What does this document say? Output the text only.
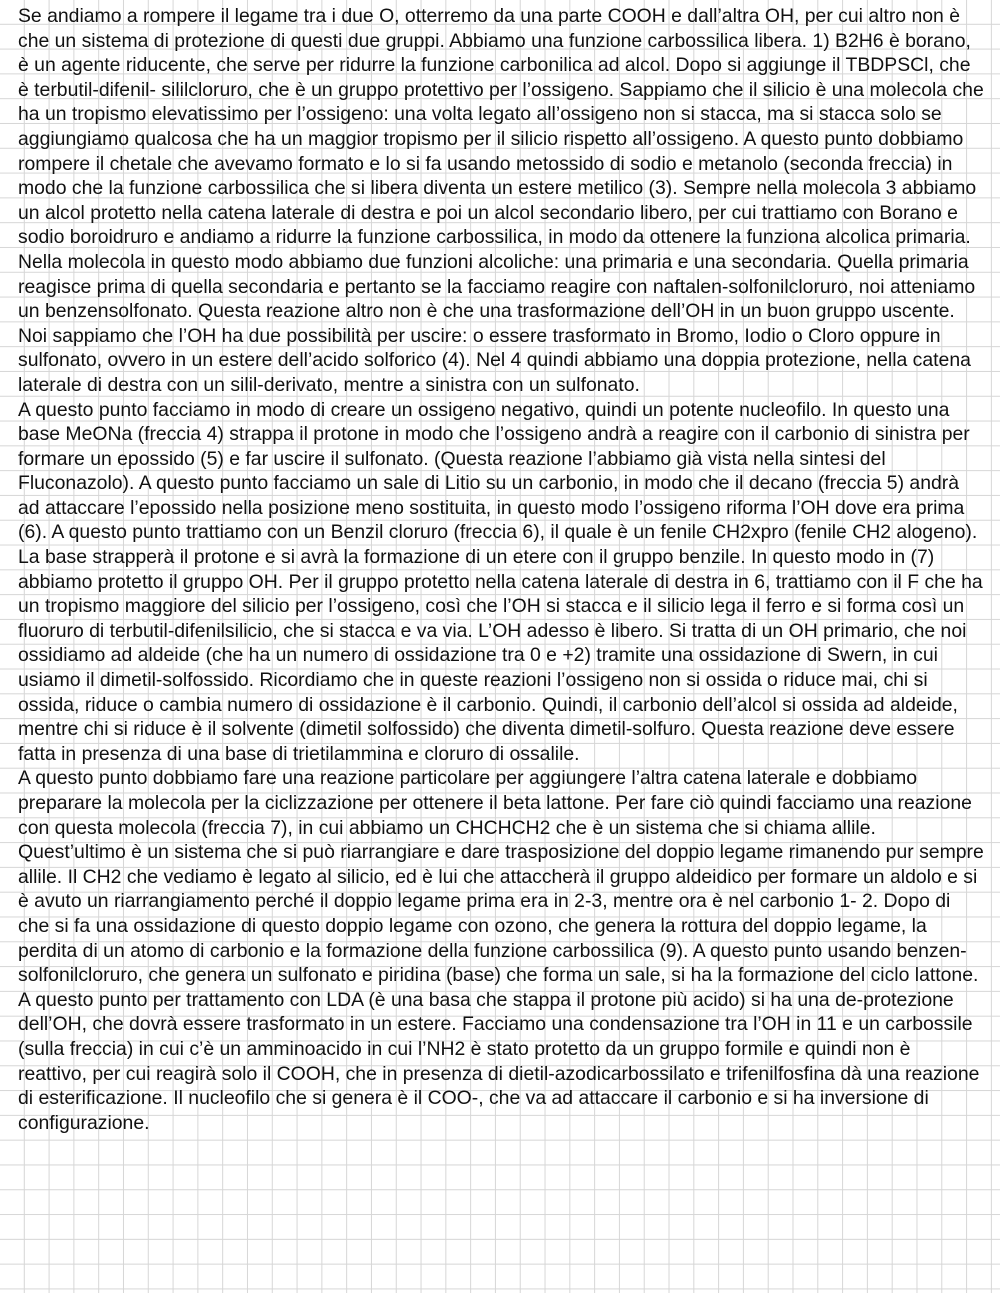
Se andiamo a rompere il legame tra i due O, otterremo da una parte COOH e dall’altra OH, per cui altro non è che un sistema di protezione di questi due gruppi. Abbiamo una funzione carbossilica libera. 1) B2H6 è borano, è un agente riducente, che serve per ridurre la funzione carbonilica ad alcol. Dopo si aggiunge il TBDPSCl, che è terbutil-difenil- sililcloruro, che è un gruppo protettivo per l’ossigeno. Sappiamo che il silicio è una molecola che ha un tropismo elevatissimo per l’ossigeno: una volta legato all’ossigeno non si stacca, ma si stacca solo se aggiungiamo qualcosa che ha un maggior tropismo per il silicio rispetto all’ossigeno. A questo punto dobbiamo rompere il chetale che avevamo formato e lo si fa usando metossido di sodio e metanolo (seconda freccia) in modo che la funzione carbossilica che si libera diventa un estere metilico (3). Sempre nella molecola 3 abbiamo un alcol protetto nella catena laterale di destra e poi un alcol secondario libero, per cui trattiamo con Borano e sodio boroidruro e andiamo a ridurre la funzione carbossilica, in modo da ottenere la funziona alcolica primaria. Nella molecola in questo modo abbiamo due funzioni alcoliche: una primaria e una secondaria. Quella primaria reagisce prima di quella secondaria e pertanto se la facciamo reagire con naftalen-solfonilcloruro, noi atteniamo un benzensolfonato. Questa reazione altro non è che una trasformazione dell’OH in un buon gruppo uscente. Noi sappiamo che l’OH ha due possibilità per uscire: o essere trasformato in Bromo, Iodio o Cloro oppure in sulfonato, ovvero in un estere dell’acido solforico (4). Nel 4 quindi abbiamo una doppia protezione, nella catena laterale di destra con un silil-derivato, mentre a sinistra con un sulfonato.

A questo punto facciamo in modo di creare un ossigeno negativo, quindi un potente nucleofilo. In questo una base MeONa (freccia 4) strappa il protone in modo che l’ossigeno andrà a reagire con il carbonio di sinistra per formare un epossido (5) e far uscire il sulfonato. (Questa reazione l’abbiamo già vista nella sintesi del Fluconazolo). A questo punto facciamo un sale di Litio su un carbonio, in modo che il decano (freccia 5) andrà ad attaccare l’epossido nella posizione meno sostituita, in questo modo l’ossigeno riforma l’OH dove era prima (6). A questo punto trattiamo con un Benzil cloruro (freccia 6), il quale è un fenile CH2xpro (fenile CH2 alogeno). La base strapperà il protone e si avrà la formazione di un etere con il gruppo benzile. In questo modo in (7) abbiamo protetto il gruppo OH. Per il gruppo protetto nella catena laterale di destra in 6, trattiamo con il F che ha un tropismo maggiore del silicio per l’ossigeno, così che l’OH si stacca e il silicio lega il ferro e si forma così un fluoruro di terbutil-difenilsilicio, che si stacca e va via. L’OH adesso è libero. Si tratta di un OH primario, che noi ossidiamo ad aldeide (che ha un numero di ossidazione tra 0 e +2) tramite una ossidazione di Swern, in cui usiamo il dimetil-solfossido. Ricordiamo che in queste reazioni l’ossigeno non si ossida o riduce mai, chi si ossida, riduce o cambia numero di ossidazione è il carbonio. Quindi, il carbonio dell’alcol si ossida ad aldeide, mentre chi si riduce è il solvente (dimetil solfossido) che diventa dimetil-solfuro. Questa reazione deve essere fatta in presenza di una base di trietilammina e cloruro di ossalile.

A questo punto dobbiamo fare una reazione particolare per aggiungere l’altra catena laterale e dobbiamo preparare la molecola per la ciclizzazione per ottenere il beta lattone. Per fare ciò quindi facciamo una reazione con questa molecola (freccia 7), in cui abbiamo un CHCHCH2 che è un sistema che si chiama allile. Quest’ultimo è un sistema che si può riarrangiare e dare trasposizione del doppio legame rimanendo pur sempre allile. Il CH2 che vediamo è legato al silicio, ed è lui che attaccherà il gruppo aldeidico per formare un aldolo e si è avuto un riarrangiamento perché il doppio legame prima era in 2-3, mentre ora è nel carbonio 1- 2. Dopo di che si fa una ossidazione di questo doppio legame con ozono, che genera la rottura del doppio legame, la perdita di un atomo di carbonio e la formazione della funzione carbossilica (9). A questo punto usando benzen-solfonilcloruro, che genera un sulfonato e piridina (base) che forma un sale, si ha la formazione del ciclo lattone. A questo punto per trattamento con LDA (è una basa che stappa il protone più acido) si ha una de-protezione dell’OH, che dovrà essere trasformato in un estere. Facciamo una condensazione tra l’OH in 11 e un carbossile (sulla freccia) in cui c’è un amminoacido in cui l’NH2 è stato protetto da un gruppo formile e quindi non è reattivo, per cui reagirà solo il COOH, che in presenza di dietil-azodicarbossilato e trifenilfosfina dà una reazione di esterificazione. Il nucleofilo che si genera è il COO-, che va ad attaccare il carbonio e si ha inversione di configurazione.
